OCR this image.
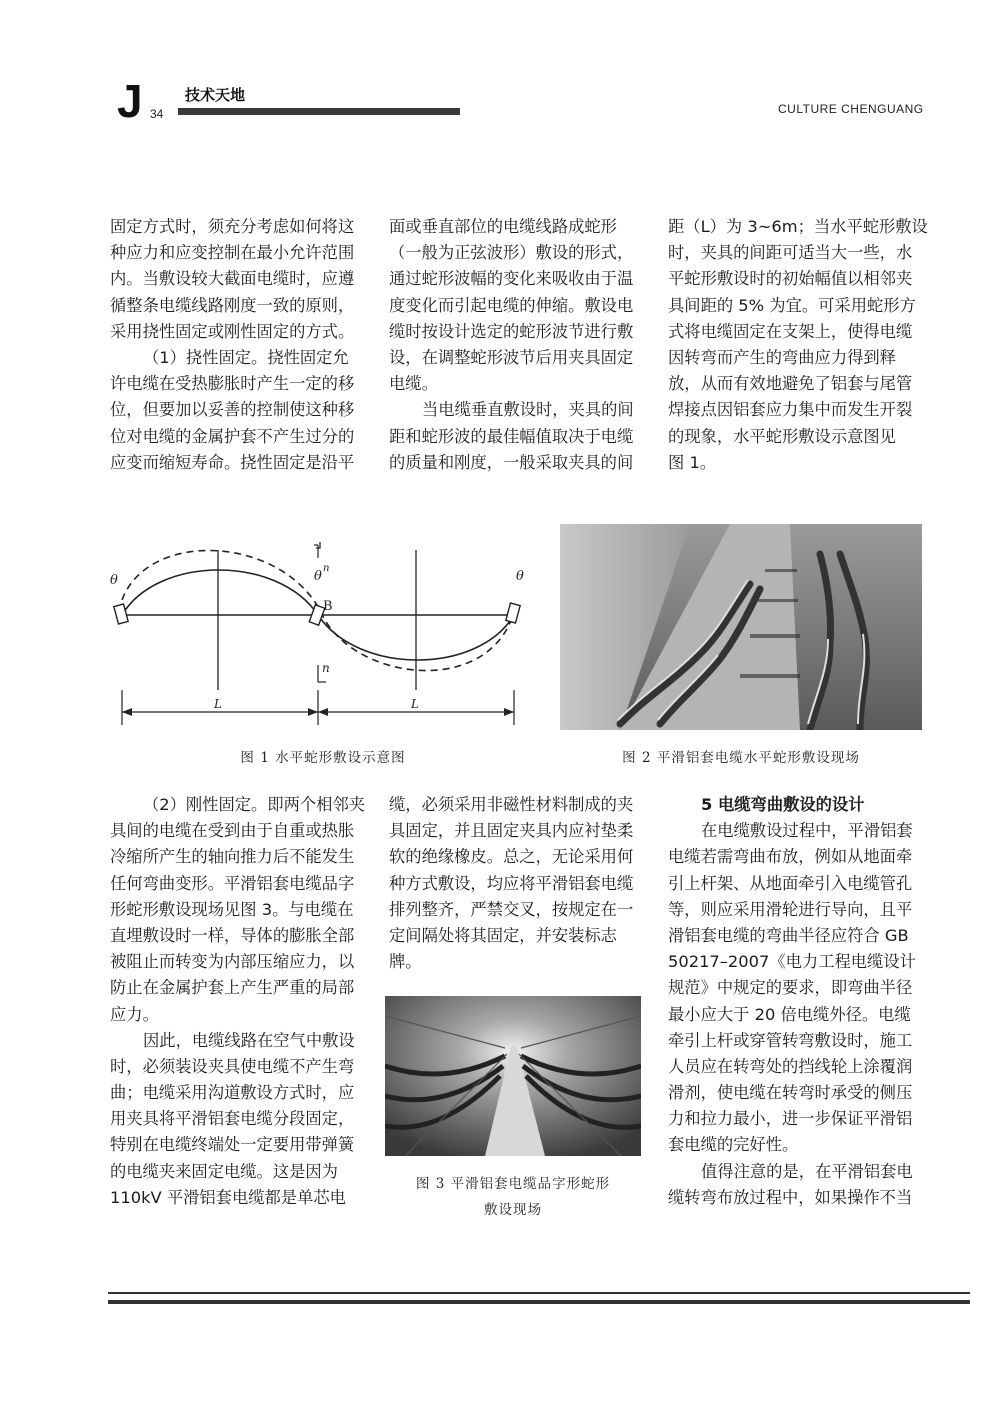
J 34
技术天地
CULTURE CHENGUANG
固定方式时，须充分考虑如何将这
种应力和应变控制在最小允许范围
内。当敷设较大截面电缆时，应遵
循整条电缆线路刚度一致的原则，
采用挠性固定或刚性固定的方式。
（1）挠性固定。挠性固定允
许电缆在受热膨胀时产生一定的移
位，但要加以妥善的控制使这种移
位对电缆的金属护套不产生过分的
应变而缩短寿命。挠性固定是沿平
面或垂直部位的电缆线路成蛇形
（一般为正弦波形）敷设的形式，
通过蛇形波幅的变化来吸收由于温
度变化而引起电缆的伸缩。敷设电
缆时按设计选定的蛇形波节进行敷
设，在调整蛇形波节后用夹具固定
电缆。
当电缆垂直敷设时，夹具的间
距和蛇形波的最佳幅值取决于电缆
的质量和刚度，一般采取夹具的间
距（L）为 3~6m；当水平蛇形敷设
时，夹具的间距可适当大一些，水
平蛇形敷设时的初始幅值以相邻夹
具间距的 5% 为宜。可采用蛇形方
式将电缆固定在支架上，使得电缆
因转弯而产生的弯曲应力得到释
放，从而有效地避免了铝套与尾管
焊接点因铝套应力集中而发生开裂
的现象，水平蛇形敷设示意图见
图 1。
θ	θ
n
θ
B
n
L	L
图 1 水平蛇形敷设示意图	图 2 平滑铝套电缆水平蛇形敷设现场
（2）刚性固定。即两个相邻夹
具间的电缆在受到由于自重或热胀
冷缩所产生的轴向推力后不能发生
任何弯曲变形。平滑铝套电缆品字
形蛇形敷设现场见图 3。与电缆在
直埋敷设时一样，导体的膨胀全部
被阻止而转变为内部压缩应力，以
防止在金属护套上产生严重的局部
应力。
因此，电缆线路在空气中敷设
时，必须装设夹具使电缆不产生弯
曲；电缆采用沟道敷设方式时，应
用夹具将平滑铝套电缆分段固定，
特别在电缆终端处一定要用带弹簧
的电缆夹来固定电缆。这是因为
110kV 平滑铝套电缆都是单芯电
缆，必须采用非磁性材料制成的夹
具固定，并且固定夹具内应衬垫柔
软的绝缘橡皮。总之，无论采用何
种方式敷设，均应将平滑铝套电缆
排列整齐，严禁交叉，按规定在一
定间隔处将其固定，并安装标志
牌。
图 3 平滑铝套电缆品字形蛇形
敷设现场
5 电缆弯曲敷设的设计
在电缆敷设过程中，平滑铝套
电缆若需弯曲布放，例如从地面牵
引上杆架、从地面牵引入电缆管孔
等，则应采用滑轮进行导向，且平
滑铝套电缆的弯曲半径应符合 GB
50217–2007《电力工程电缆设计
规范》中规定的要求，即弯曲半径
最小应大于 20 倍电缆外径。电缆
牵引上杆或穿管转弯敷设时，施工
人员应在转弯处的挡线轮上涂覆润
滑剂，使电缆在转弯时承受的侧压
力和拉力最小，进一步保证平滑铝
套电缆的完好性。
值得注意的是，在平滑铝套电
缆转弯布放过程中，如果操作不当
